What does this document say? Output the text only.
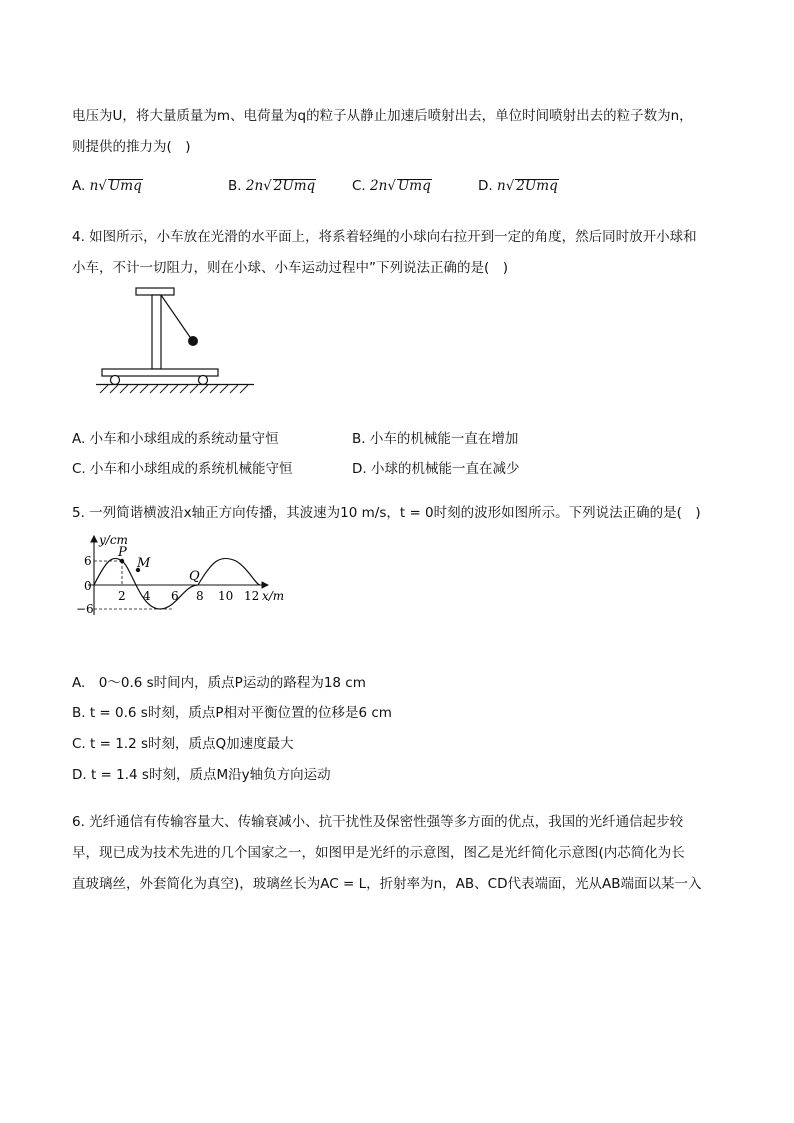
电压为U，将大量质量为m、电荷量为q的粒子从静止加速后喷射出去，单位时间喷射出去的粒子数为n，
则提供的推力为(　)
A. n√ Umq	B. 2n√ 2Umq	C. 2n√ Umq	D. n√ 2Umq
4. 如图所示，小车放在光滑的水平面上，将系着轻绳的小球向右拉开到一定的角度，然后同时放开小球和
小车，不计一切阻力，则在小球、小车运动过程中”下列说法正确的是(　)
A. 小车和小球组成的系统动量守恒	B. 小车的机械能一直在增加
C. 小车和小球组成的系统机械能守恒	D. 小球的机械能一直在减少
5. 一列简谐横波沿x轴正方向传播，其波速为10 m/s，t = 0时刻的波形如图所示。下列说法正确的是(　)
y/cm
x/m
0
6
−6
2 4 6 8 10 12
P
M
Q
A.　0～0.6 s时间内，质点P运动的路程为18 cm
B. t = 0.6 s时刻，质点P相对平衡位置的位移是6 cm
C. t = 1.2 s时刻，质点Q加速度最大
D. t = 1.4 s时刻，质点M沿y轴负方向运动
6. 光纤通信有传输容量大、传输衰减小、抗干扰性及保密性强等多方面的优点，我国的光纤通信起步较
早，现已成为技术先进的几个国家之一，如图甲是光纤的示意图，图乙是光纤简化示意图(内芯简化为长
直玻璃丝，外套简化为真空)，玻璃丝长为AC = L，折射率为n，AB、CD代表端面，光从AB端面以某一入
